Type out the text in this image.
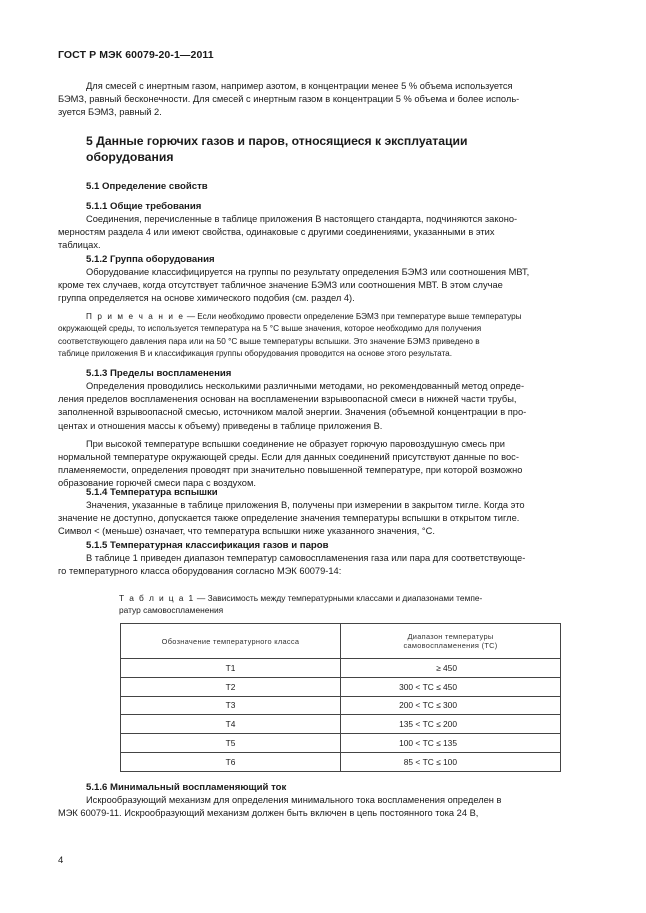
ГОСТ Р МЭК 60079-20-1—2011

Для смесей с инертным газом, например азотом, в концентрации менее 5 % объема используется

БЭМЗ, равный бесконечности. Для смесей с инертным газом в концентрации 5 % объема и более исполь-

зуется БЭМЗ, равный 2.

5 Данные горючих газов и паров, относящиеся к эксплуатации

оборудования

5.1 Определение свойств

5.1.1 Общие требования

Соединения, перечисленные в таблице приложения В настоящего стандарта, подчиняются законо-

мерностям раздела 4 или имеют свойства, одинаковые с другими соединениями, указанными в этих

таблицах.

5.1.2 Группа оборудования

Оборудование классифицируется на группы по результату определения БЭМЗ или соотношения МВТ,

кроме тех случаев, когда отсутствует табличное значение БЭМЗ или соотношения МВТ. В этом случае

группа определяется на основе химического подобия (см. раздел 4).

П р и м е ч а н и е — Если необходимо провести определение БЭМЗ при температуре выше температуры

окружающей среды, то используется температура на 5 °С выше значения, которое необходимо для получения

соответствующего давления пара или на 50 °С выше температуры вспышки. Это значение БЭМЗ приведено в

таблице приложения В и классификация группы оборудования проводится на основе этого результата.

5.1.3 Пределы воспламенения

Определения проводились несколькими различными методами, но рекомендованный метод опреде-

ления пределов воспламенения основан на воспламенении взрывоопасной смеси в нижней части трубы,

заполненной взрывоопасной смесью, источником малой энергии. Значения (объемной концентрации в про-

центах и отношения массы к объему) приведены в таблице приложения В.

При высокой температуре вспышки соединение не образует горючую паровоздушную смесь при

нормальной температуре окружающей среды. Если для данных соединений присутствуют данные по вос-

пламеняемости, определения проводят при значительно повышенной температуре, при которой возможно

образование горючей смеси пара с воздухом.

5.1.4 Температура вспышки

Значения, указанные в таблице приложения В, получены при измерении в закрытом тигле. Когда это

значение не доступно, допускается также определение значения температуры вспышки в открытом тигле.

Символ < (меньше) означает, что температура вспышки ниже указанного значения, °С.

5.1.5 Температурная классификация газов и паров

В таблице 1 приведен диапазон температур самовоспламенения газа или пара для соответствующе-

го температурного класса оборудования согласно МЭК 60079-14:

Т а б л и ц а 1 — Зависимость между температурными классами и диапазонами темпе-

ратур самовоспламенения

Обозначение температурного класса	Диапазон температуры
самовоспламенения (ТС)

Т1	≥ 450
Т2	300 < ТС ≤ 450
Т3	200 < ТС ≤ 300
Т4	135 < ТС ≤ 200
Т5	100 < ТС ≤ 135
Т6	85 < ТС ≤ 100

5.1.6 Минимальный воспламеняющий ток

Искрообразующий механизм для определения минимального тока воспламенения определен в

МЭК 60079-11. Искрообразующий механизм должен быть включен в цепь постоянного тока 24 В,

4
